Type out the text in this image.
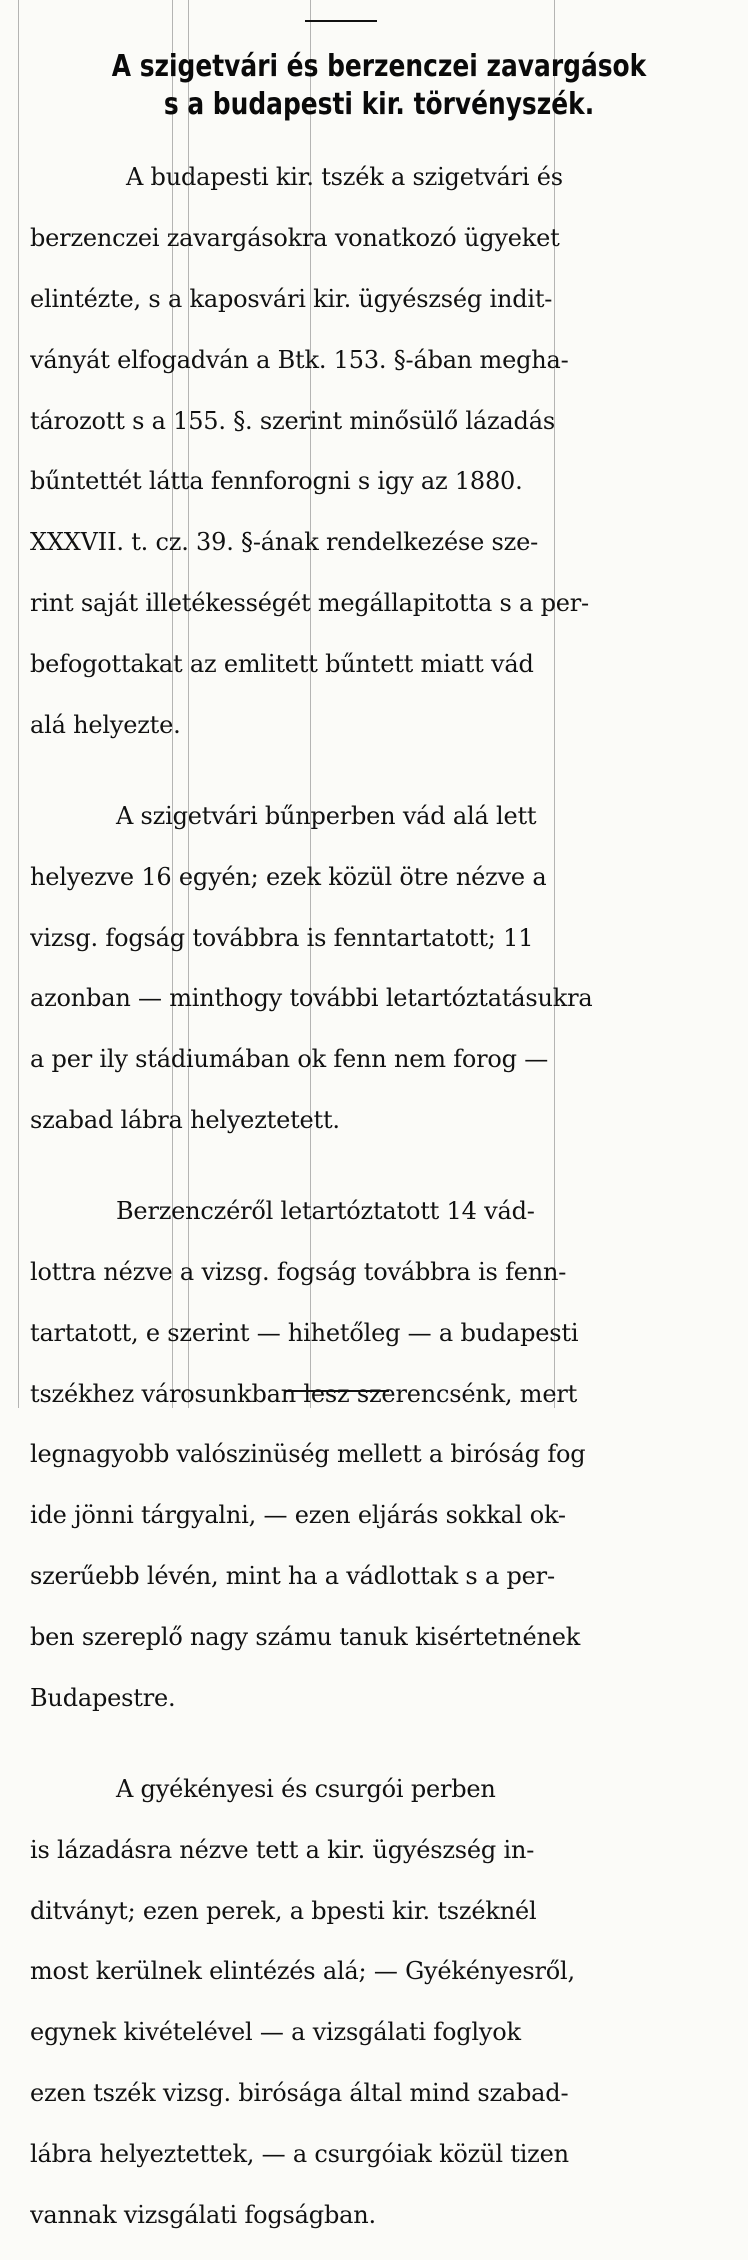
A szigetvári és berzenczei zavargások
s a budapesti kir. törvényszék.

A budapesti kir. tszék a szigetvári és

berzenczei zavargásokra vonatkozó ügyeket

elintézte, s a kaposvári kir. ügyészség indit-

ványát elfogadván a Btk. 153. §-ában megha-

tározott s a 155. §. szerint minősülő lázadás

bűntettét látta fennforogni s igy az 1880.

XXXVII. t. cz. 39. §-ának rendelkezése sze-

rint saját illetékességét megállapitotta s a per-

befogottakat az emlitett bűntett miatt vád

alá helyezte.

A szigetvári bűnperben vád alá lett

helyezve 16 egyén; ezek közül ötre nézve a

vizsg. fogság továbbra is fenntartatott; 11

azonban — minthogy további letartóztatásukra

a per ily stádiumában ok fenn nem forog —

szabad lábra helyeztetett.

Berzenczéről letartóztatott 14 vád-

lottra nézve a vizsg. fogság továbbra is fenn-

tartatott, e szerint — hihetőleg — a budapesti

tszékhez városunkban lesz szerencsénk, mert

legnagyobb valószinüség mellett a biróság fog

ide jönni tárgyalni, — ezen eljárás sokkal ok-

szerűebb lévén, mint ha a vádlottak s a per-

ben szereplő nagy számu tanuk kisértetnének

Budapestre.

A gyékényesi és csurgói perben

is lázadásra nézve tett a kir. ügyészség in-

ditványt; ezen perek, a bpesti kir. tszéknél

most kerülnek elintézés alá; — Gyékényesről,

egynek kivételével — a vizsgálati foglyok

ezen tszék vizsg. birósága által mind szabad-

lábra helyeztettek, — a csurgóiak közül tizen

vannak vizsgálati fogságban.
